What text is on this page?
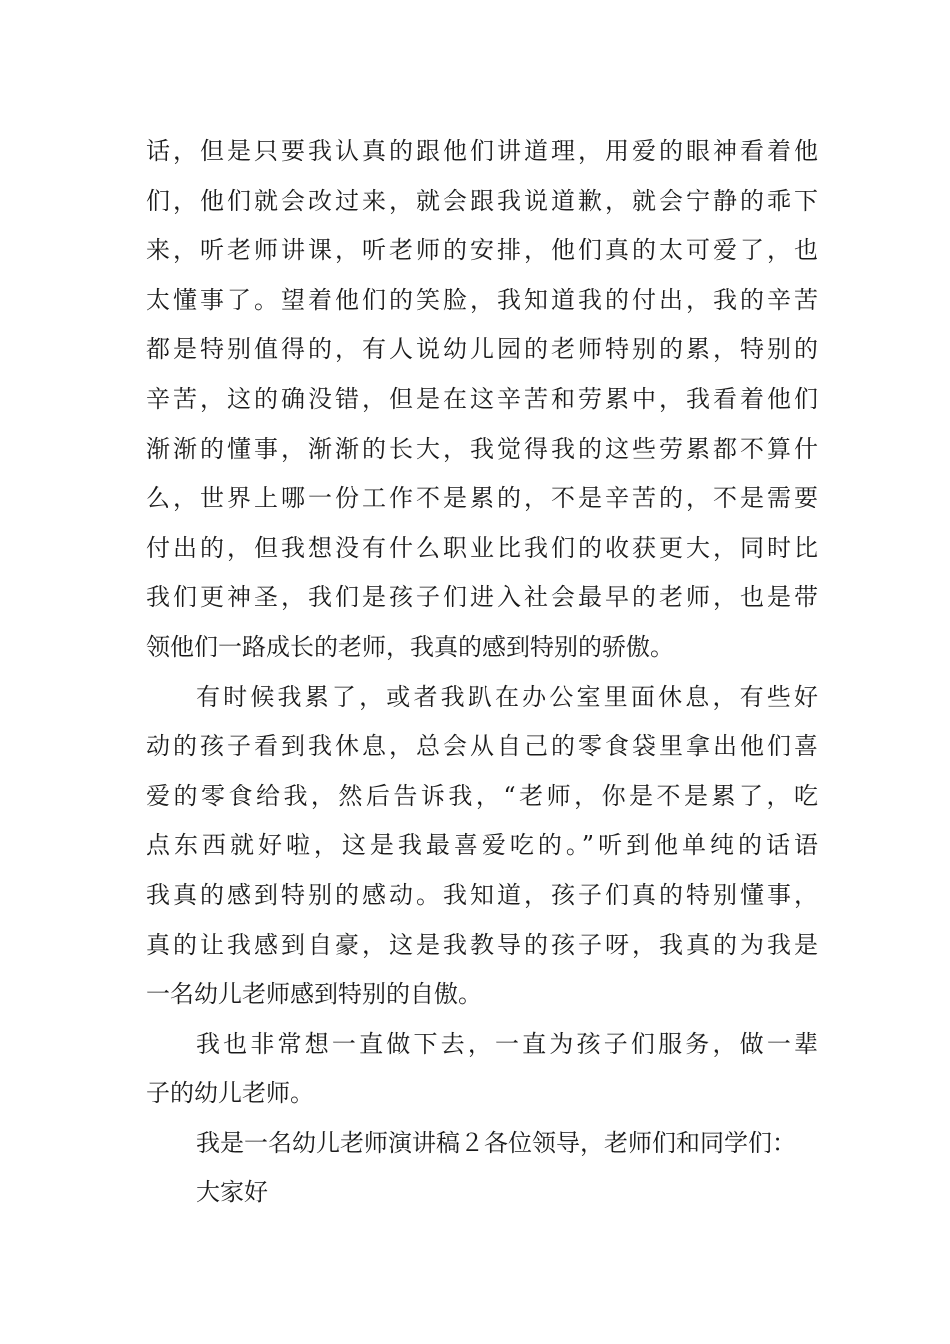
话，但是只要我认真的跟他们讲道理，用爱的眼神看着他
们，他们就会改过来，就会跟我说道歉，就会宁静的乖下
来，听老师讲课，听老师的安排，他们真的太可爱了，也
太懂事了。望着他们的笑脸，我知道我的付出，我的辛苦
都是特别值得的，有人说幼儿园的老师特别的累，特别的
辛苦，这的确没错，但是在这辛苦和劳累中，我看着他们
渐渐的懂事，渐渐的长大，我觉得我的这些劳累都不算什
么，世界上哪一份工作不是累的，不是辛苦的，不是需要
付出的，但我想没有什么职业比我们的收获更大，同时比
我们更神圣，我们是孩子们进入社会最早的老师，也是带
领他们一路成长的老师，我真的感到特别的骄傲。
有时候我累了，或者我趴在办公室里面休息，有些好
动的孩子看到我休息，总会从自己的零食袋里拿出他们喜
爱的零食给我，然后告诉我，“老师，你是不是累了，吃
点东西就好啦，这是我最喜爱吃的。”听到他单纯的话语
我真的感到特别的感动。我知道，孩子们真的特别懂事，
真的让我感到自豪，这是我教导的孩子呀，我真的为我是
一名幼儿老师感到特别的自傲。
我也非常想一直做下去，一直为孩子们服务，做一辈
子的幼儿老师。
我是一名幼儿老师演讲稿２各位领导，老师们和同学们：
大家好
